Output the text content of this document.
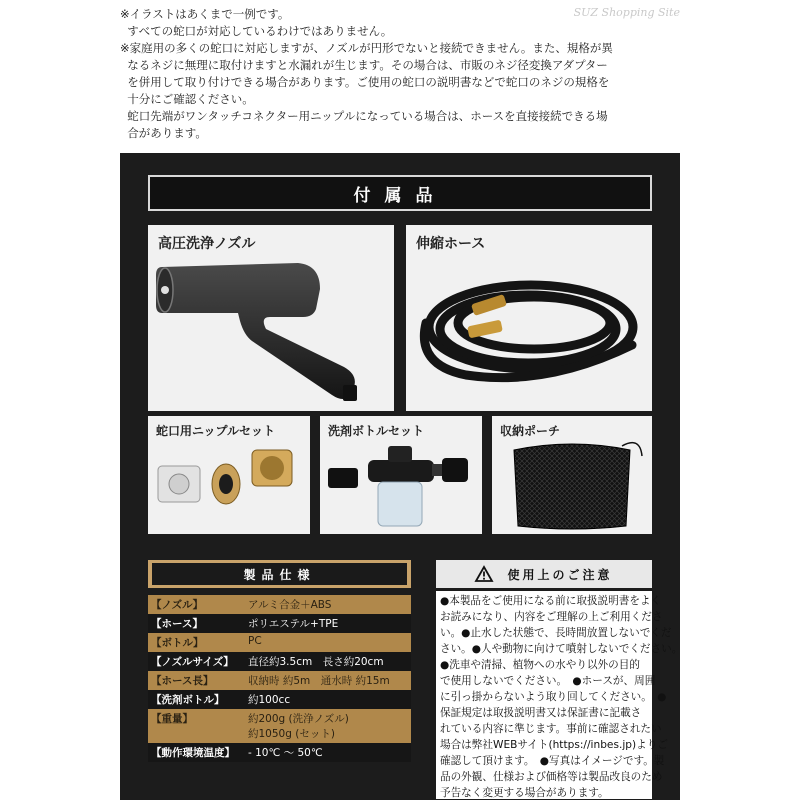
SUZ Shopping Site
※イラストはあくまで一例です。
すべての蛇口が対応しているわけではありません。
※家庭用の多くの蛇口に対応しますが、ノズルが円形でないと接続できません。また、規格が異
なるネジに無理に取付けますと水漏れが生じます。その場合は、市販のネジ径変換アダプター
を併用して取り付けできる場合があります。ご使用の蛇口の説明書などで蛇口のネジの規格を
十分にご確認ください。
蛇口先端がワンタッチコネクター用ニップルになっている場合は、ホースを直接接続できる場
合があります。
付属品
高圧洗浄ノズル	伸縮ホース
蛇口用ニップルセット	洗剤ボトルセット	収納ポーチ
製品仕様
【ノズル】	アルミ合金＋ABS
【ホース】	ポリエステル+TPE
【ボトル】	PC
【ノズルサイズ】	直径約3.5cm　長さ約20cm
【ホース長】	収納時 約5m　通水時 約15m
【洗剤ボトル】	約100cc
【重量】	約200g (洗浄ノズル)
約1050g (セット)
【動作環境温度】	- 10℃ 〜 50℃
使用上のご注意
●本製品をご使用になる前に取扱説明書をよく
お読みになり、内容をご理解の上ご利用くださ
い。●止水した状態で、長時間放置しないでくだ
さい。●人や動物に向けて噴射しないでください。
●洗車や清掃、植物への水やり以外の目的
で使用しないでください。　●ホースが、周囲
に引っ掛からないよう取り回してください。　●
保証規定は取扱説明書又は保証書に記載さ
れている内容に準じます。事前に確認されたい
場合は弊社WEBサイト(https://inbes.jp)よりご
確認して頂けます。　●写真はイメージです。製
品の外観、仕様および価格等は製品改良のため
予告なく変更する場合があります。
